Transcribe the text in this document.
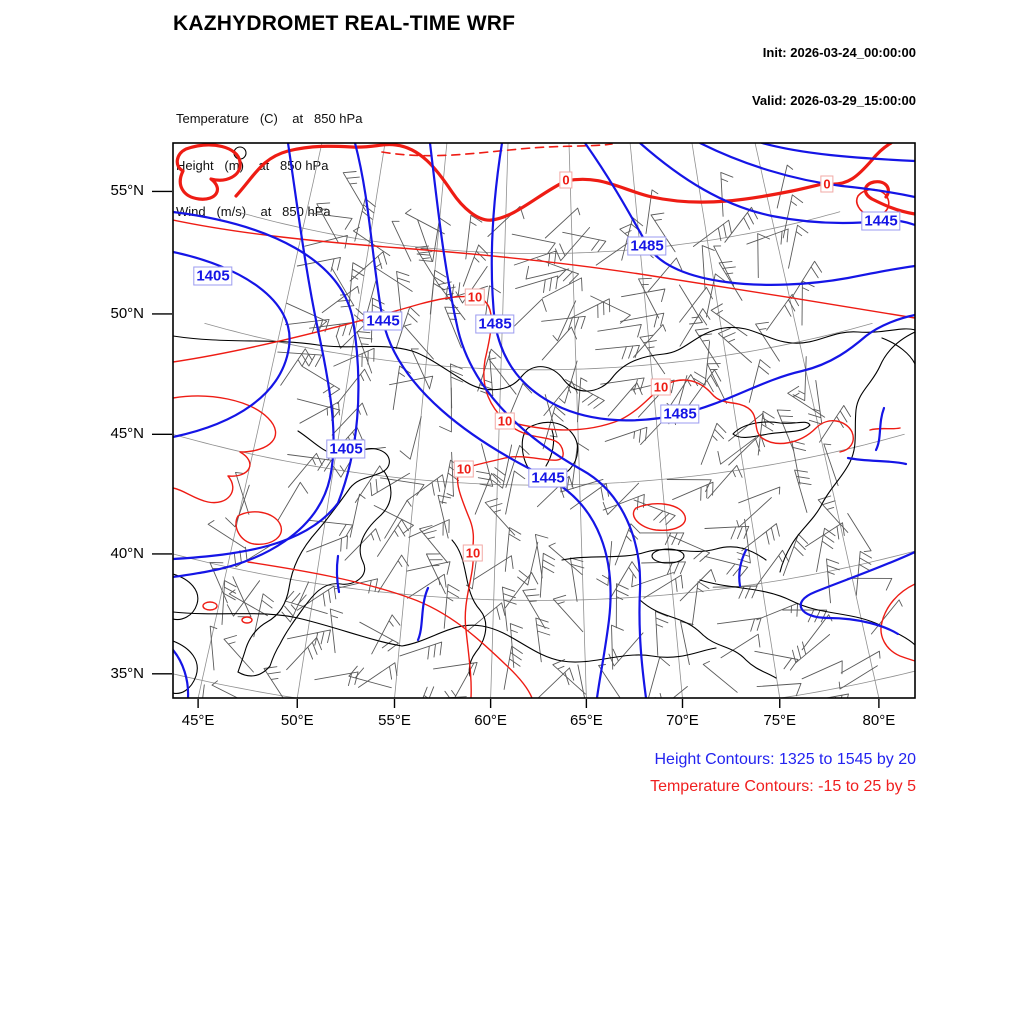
KAZHYDROMET REAL-TIME WRF

Init: 2026-03-24_00:00:00

Valid: 2026-03-29_15:00:00

Temperature   (C)    at   850 hPa

Height   (m)    at   850 hPa

Wind   (m/s)    at   850 hPa

1405
1445	1485
1485
1445
1405
1485
1445
0	0
10
10
10
10
10
55°N
50°N
45°N
40°N
35°N
45°E	50°E	55°E	60°E	65°E	70°E	75°E	80°E
Height Contours: 1325 to 1545 by 20
Temperature Contours: -15 to 25 by 5
